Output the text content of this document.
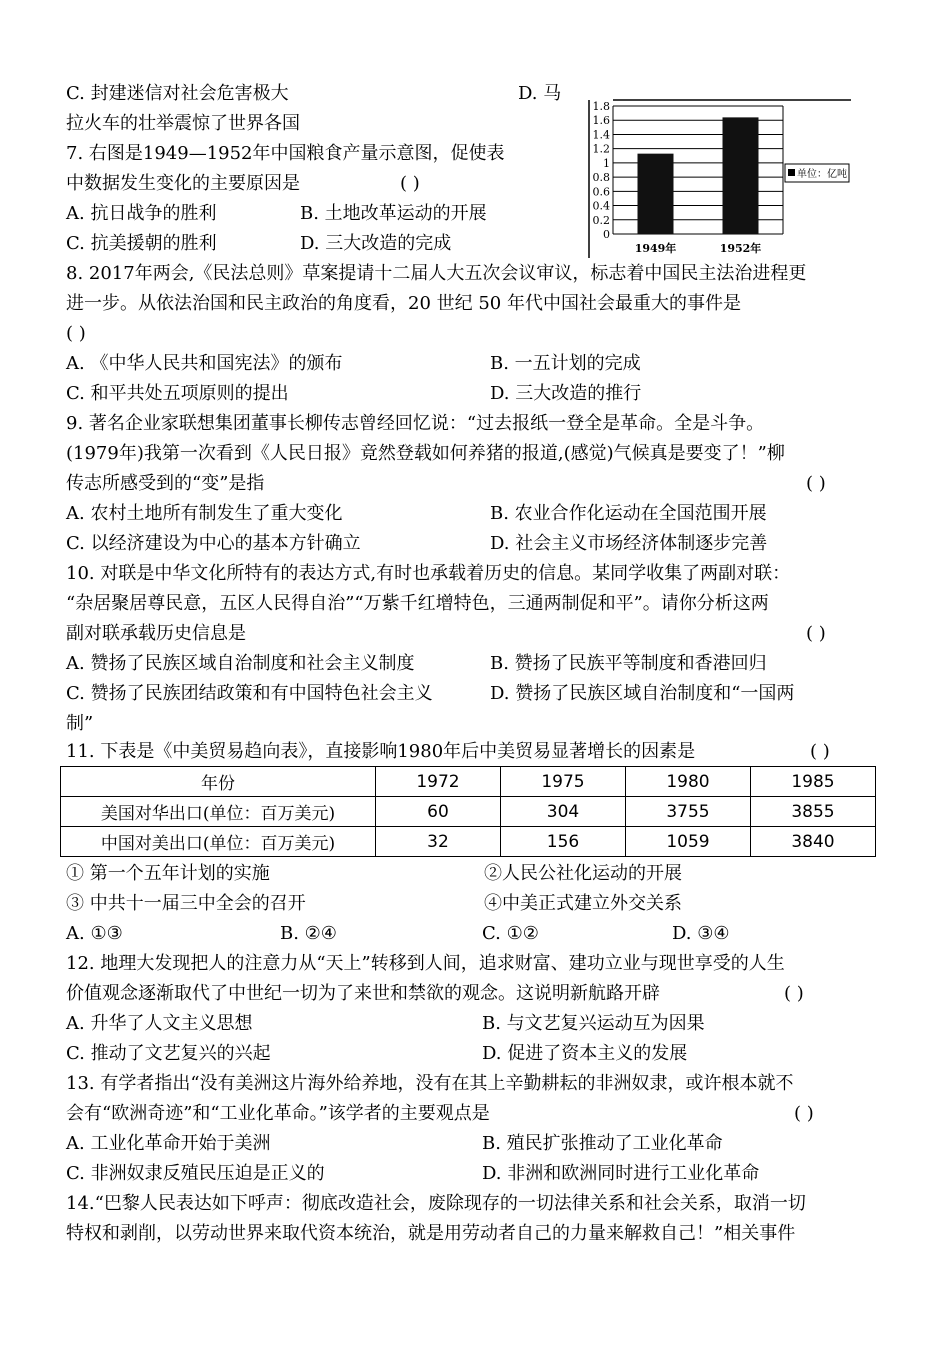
C. 封建迷信对社会危害极大	D. 马
拉火车的壮举震惊了世界各国
7. 右图是1949—1952年中国粮食产量示意图，促使表
中数据发生变化的主要原因是	( )
A. 抗日战争的胜利	B. 土地改革运动的开展
C. 抗美援朝的胜利	D. 三大改造的完成
8. 2017年两会,《民法总则》草案提请十二届人大五次会议审议，标志着中国民主法治进程更
进一步。从依法治国和民主政治的角度看，20 世纪 50 年代中国社会最重大的事件是
( )
A. 《中华人民共和国宪法》的颁布	B. 一五计划的完成
C. 和平共处五项原则的提出	D. 三大改造的推行
9. 著名企业家联想集团董事长柳传志曾经回忆说：“过去报纸一登全是革命。全是斗争。
(1979年)我第一次看到《人民日报》竟然登载如何养猪的报道,(感觉)气候真是要变了！”柳
传志所感受到的“变”是指	( )
A. 农村土地所有制发生了重大变化	B. 农业合作化运动在全国范围开展
C. 以经济建设为中心的基本方针确立	D. 社会主义市场经济体制逐步完善
10. 对联是中华文化所特有的表达方式,有时也承载着历史的信息。某同学收集了两副对联：
“杂居聚居尊民意，五区人民得自治”“万紫千红增特色，三通两制促和平”。请你分析这两
副对联承载历史信息是	( )
A. 赞扬了民族区域自治制度和社会主义制度	B. 赞扬了民族平等制度和香港回归
C. 赞扬了民族团结政策和有中国特色社会主义	D. 赞扬了民族区域自治制度和“一国两
制”
11. 下表是《中美贸易趋向表》，直接影响1980年后中美贸易显著增长的因素是	( )
年份	1972	1975	1980	1985
美国对华出口(单位：百万美元)	60	304	3755	3855
中国对美出口(单位：百万美元)	32	156	1059	3840
① 第一个五年计划的实施	②人民公社化运动的开展
③ 中共十一届三中全会的召开	④中美正式建立外交关系
A. ①③	B. ②④	C. ①②	D. ③④
12. 地理大发现把人的注意力从“天上”转移到人间，追求财富、建功立业与现世享受的人生
价值观念逐渐取代了中世纪一切为了来世和禁欲的观念。这说明新航路开辟	( )
A. 升华了人文主义思想	B. 与文艺复兴运动互为因果
C. 推动了文艺复兴的兴起	D. 促进了资本主义的发展
13. 有学者指出“没有美洲这片海外给养地，没有在其上辛勤耕耘的非洲奴隶，或许根本就不
会有“欧洲奇迹”和“工业化革命。”该学者的主要观点是	( )
A. 工业化革命开始于美洲	B. 殖民扩张推动了工业化革命
C. 非洲奴隶反殖民压迫是正义的	D. 非洲和欧洲同时进行工业化革命
14.“巴黎人民表达如下呼声：彻底改造社会，废除现存的一切法律关系和社会关系，取消一切
特权和剥削，以劳动世界来取代资本统治，就是用劳动者自己的力量来解救自己！”相关事件
0
0.2
0.4
0.6
0.8
1
1.2
1.4
1.6
1.8
1949年	1952年
单位：亿吨
